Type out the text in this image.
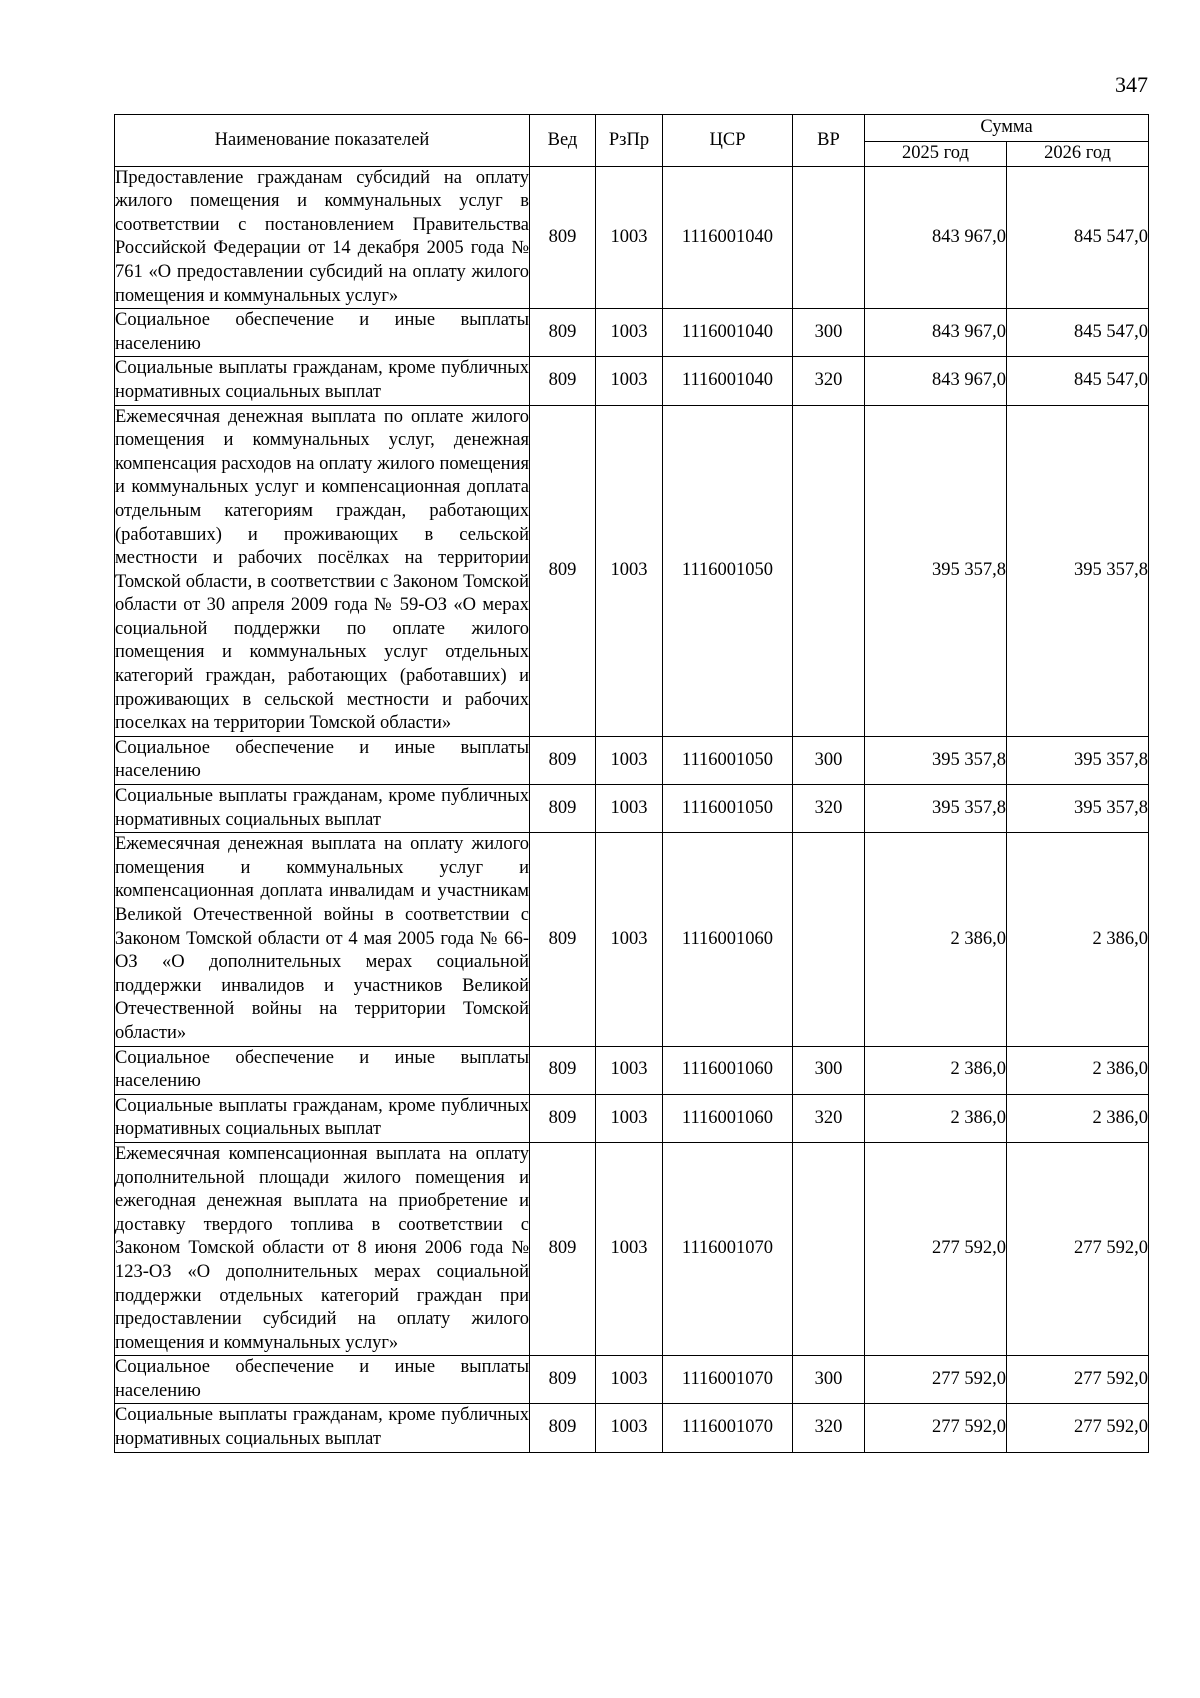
347
Наименование показателей	Вед	РзПр	ЦСР	ВР	Сумма	
					2025 год	2026 год
Предоставление гражданам субсидий на оплату жилого помещения и коммунальных услуг в соответствии с постановлением Правительства Российской Федерации от 14 декабря 2005 года № 761 «О предоставлении субсидий на оплату жилого помещения и коммунальных услуг»	809	1003	1116001040		843 967,0	845 547,0
Социальное обеспечение и иные выплаты населению	809	1003	1116001040	300	843 967,0	845 547,0
Социальные выплаты гражданам, кроме публичных нормативных социальных выплат	809	1003	1116001040	320	843 967,0	845 547,0
Ежемесячная денежная выплата по оплате жилого помещения и коммунальных услуг, денежная компенсация расходов на оплату жилого помещения и коммунальных услуг и компенсационная доплата отдельным категориям граждан, работающих (работавших) и проживающих в сельской местности и рабочих посёлках на территории Томской области, в соответствии с Законом Томской области от 30 апреля 2009 года № 59-ОЗ «О мерах социальной поддержки по оплате жилого помещения и коммунальных услуг отдельных категорий граждан, работающих (работавших) и проживающих в сельской местности и рабочих поселках на территории Томской области»	809	1003	1116001050		395 357,8	395 357,8
Социальное обеспечение и иные выплаты населению	809	1003	1116001050	300	395 357,8	395 357,8
Социальные выплаты гражданам, кроме публичных нормативных социальных выплат	809	1003	1116001050	320	395 357,8	395 357,8
Ежемесячная денежная выплата на оплату жилого помещения и коммунальных услуг и компенсационная доплата инвалидам и участникам Великой Отечественной войны в соответствии с Законом Томской области от 4 мая 2005 года № 66-ОЗ «О дополнительных мерах социальной поддержки инвалидов и участников Великой Отечественной войны на территории Томской области»	809	1003	1116001060		2 386,0	2 386,0
Социальное обеспечение и иные выплаты населению	809	1003	1116001060	300	2 386,0	2 386,0
Социальные выплаты гражданам, кроме публичных нормативных социальных выплат	809	1003	1116001060	320	2 386,0	2 386,0
Ежемесячная компенсационная выплата на оплату дополнительной площади жилого помещения и ежегодная денежная выплата на приобретение и доставку твердого топлива в соответствии с Законом Томской области от 8 июня 2006 года № 123-ОЗ «О дополнительных мерах социальной поддержки отдельных категорий граждан при предоставлении субсидий на оплату жилого помещения и коммунальных услуг»	809	1003	1116001070		277 592,0	277 592,0
Социальное обеспечение и иные выплаты населению	809	1003	1116001070	300	277 592,0	277 592,0
Социальные выплаты гражданам, кроме публичных нормативных социальных выплат	809	1003	1116001070	320	277 592,0	277 592,0
